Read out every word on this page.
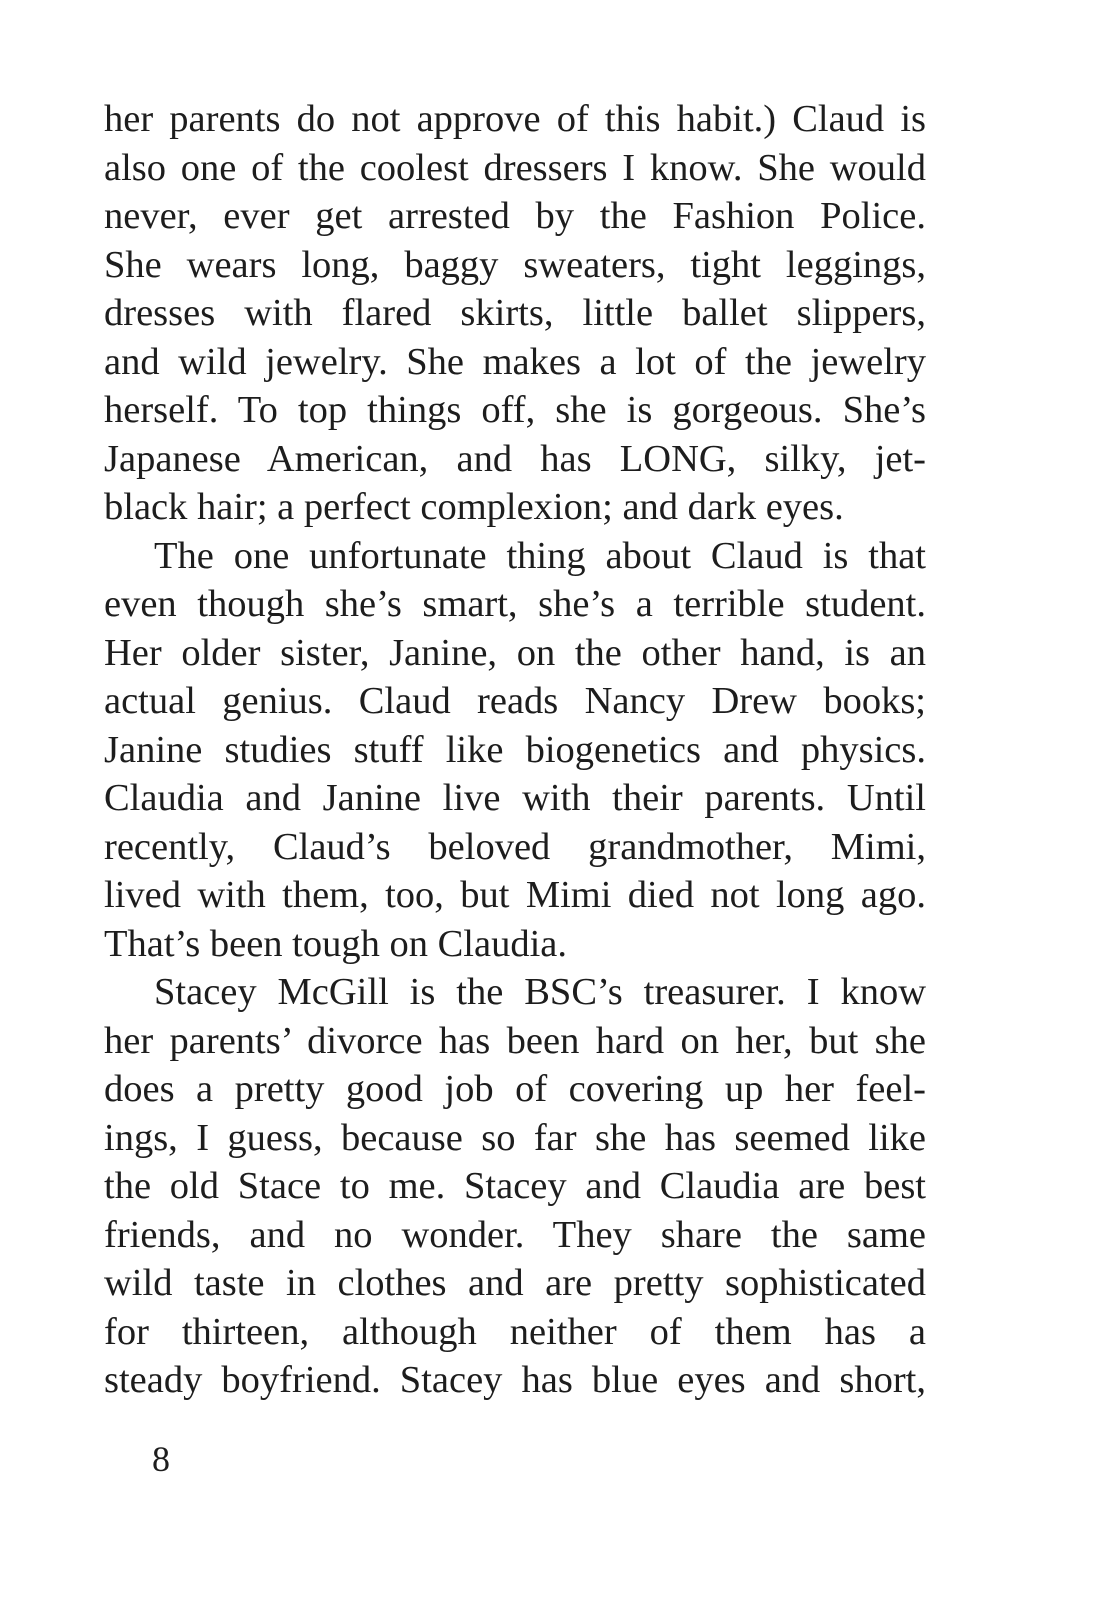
her parents do not approve of this habit.) Claud is
also one of the coolest dressers I know. She would
never, ever get arrested by the Fashion Police.
She wears long, baggy sweaters, tight leggings,
dresses with flared skirts, little ballet slippers,
and wild jewelry. She makes a lot of the jewelry
herself. To top things off, she is gorgeous. She’s
Japanese American, and has LONG, silky, jet-
black hair; a perfect complexion; and dark eyes.
The one unfortunate thing about Claud is that
even though she’s smart, she’s a terrible student.
Her older sister, Janine, on the other hand, is an
actual genius. Claud reads Nancy Drew books;
Janine studies stuff like biogenetics and physics.
Claudia and Janine live with their parents. Until
recently, Claud’s beloved grandmother, Mimi,
lived with them, too, but Mimi died not long ago.
That’s been tough on Claudia.
Stacey McGill is the BSC’s treasurer. I know
her parents’ divorce has been hard on her, but she
does a pretty good job of covering up her feel-
ings, I guess, because so far she has seemed like
the old Stace to me. Stacey and Claudia are best
friends, and no wonder. They share the same
wild taste in clothes and are pretty sophisticated
for thirteen, although neither of them has a
steady boyfriend. Stacey has blue eyes and short,
8
